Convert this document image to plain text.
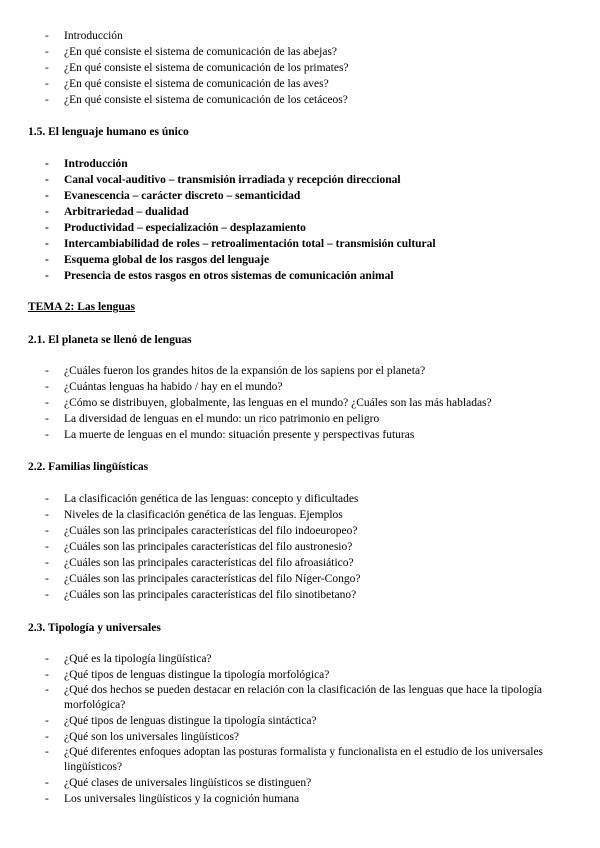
- Introducción
- ¿En qué consiste el sistema de comunicación de las abejas?
- ¿En qué consiste el sistema de comunicación de los primates?
- ¿En qué consiste el sistema de comunicación de las aves?
- ¿En qué consiste el sistema de comunicación de los cetáceos?
1.5. El lenguaje humano es único
- Introducción
- Canal vocal-auditivo – transmisión irradiada y recepción direccional
- Evanescencia – carácter discreto – semanticidad
- Arbitrariedad – dualidad
- Productividad – especialización – desplazamiento
- Intercambiabilidad de roles – retroalimentación total – transmisión cultural
- Esquema global de los rasgos del lenguaje
- Presencia de estos rasgos en otros sistemas de comunicación animal
TEMA 2: Las lenguas
2.1. El planeta se llenó de lenguas
- ¿Cuáles fueron los grandes hitos de la expansión de los sapiens por el planeta?
- ¿Cuántas lenguas ha habido / hay en el mundo?
- ¿Cómo se distribuyen, globalmente, las lenguas en el mundo? ¿Cuáles son las más habladas?
- La diversidad de lenguas en el mundo: un rico patrimonio en peligro
- La muerte de lenguas en el mundo: situación presente y perspectivas futuras
2.2. Familias lingüísticas
- La clasificación genética de las lenguas: concepto y dificultades
- Niveles de la clasificación genética de las lenguas. Ejemplos
- ¿Cuáles son las principales características del filo indoeuropeo?
- ¿Cuáles son las principales características del filo austronesio?
- ¿Cuáles son las principales características del filo afroasiático?
- ¿Cuáles son las principales características del filo Níger-Congo?
- ¿Cuáles son las principales características del filo sinotibetano?
2.3. Tipología y universales
- ¿Qué es la tipología lingüística?
- ¿Qué tipos de lenguas distingue la tipología morfológica?
- ¿Qué dos hechos se pueden destacar en relación con la clasificación de las lenguas que hace la tipología morfológica?
- ¿Qué tipos de lenguas distingue la tipología sintáctica?
- ¿Qué son los universales lingüísticos?
- ¿Qué diferentes enfoques adoptan las posturas formalista y funcionalista en el estudio de los universales lingüísticos?
- ¿Qué clases de universales lingüísticos se distinguen?
- Los universales lingüísticos y la cognición humana
